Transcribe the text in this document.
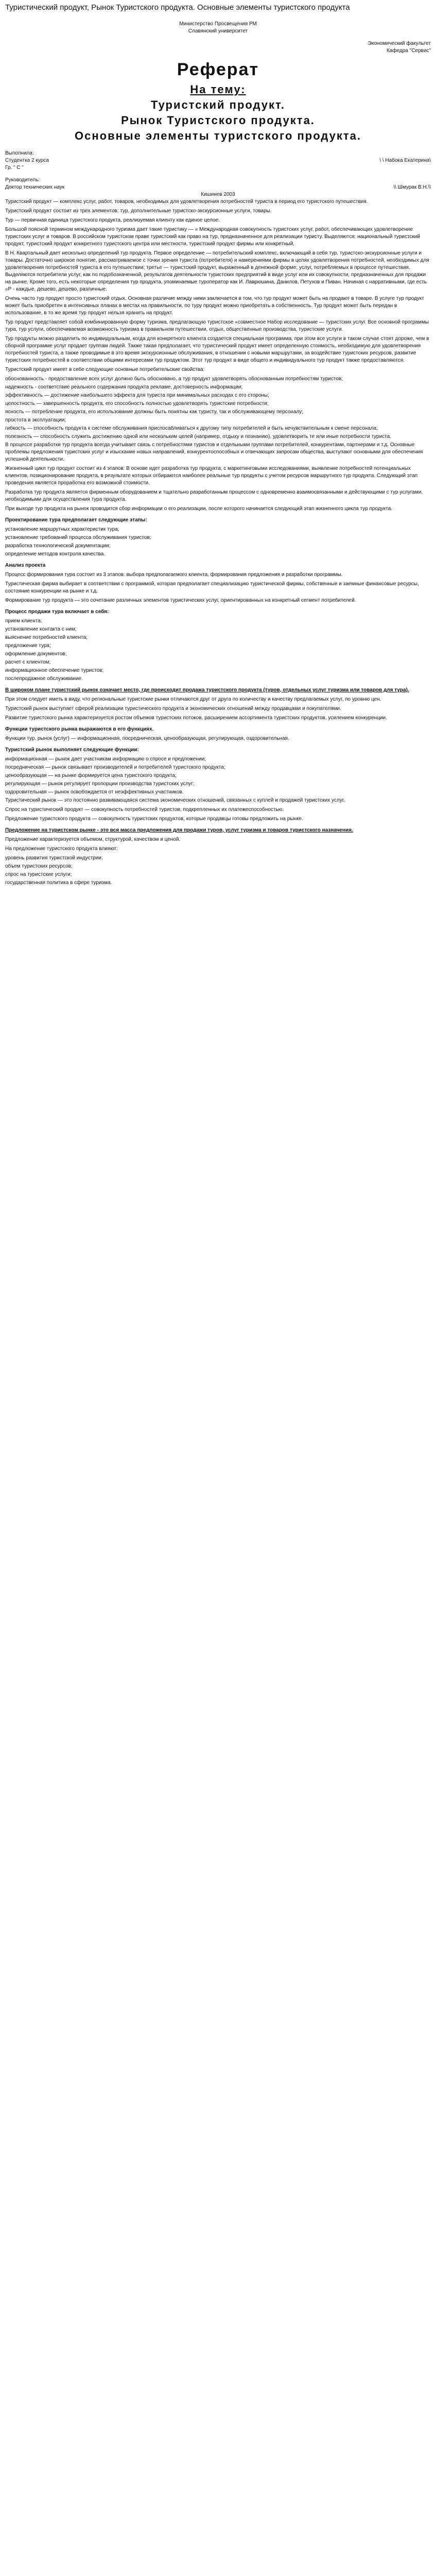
Туристический продукт, Рынок Туристского продукта. Основные элементы туристского продукта
Министерство Просвещения РМ
Славянский университет
Экономический факультет
Кафедра "Сервис"
Реферат
На тему:
Туристский продукт.
Рынок Туристского продукта.
Основные элементы туристского продукта.
Выполнила:
Студентка 2 курса	\ \ Набока Екатерина\
Гр. " С "
Руководитель:
Доктор технических наук	\\ Шмурак В.Н.\\
Кишинев 2003

Туристский продукт — комплекс услуг, работ, товаров, необходимых для удовлетворения потребностей туриста в период его туристского путешествия.

Туристский продукт состоит из трех элементов: тур, дополнительные туристско-экскурсионные услуги, товары.

Тур — первичная единица туристского продукта, реализуемая клиенту как единое целое.

Большой поясной термином международного туризма дает такие туристику — « Международная совокупность туристских услуг, работ, обеспечивающих удовлетворение туристских услуг и товаров. В российском туристском праве туристский как право на тур, предназначенное для реализации туристу. Выделяются: национальный туристский продукт, туристский продукт конкретного туристского центра или местности, туристский продукт фирмы или конкретный.

В Н. Квартальный дает несколько определений тур продукта. Первое определение — потребительский комплекс, включающий в себя тур, туристско-экскурсионные услуги и товары. Достаточно широкое понятие, рассматриваемое с точки зрения туриста (потребителя) и намерениями фирмы в целях удовлетворения потребностей, необходимых для удовлетворения потребностей туриста в его путешествии; третье — туристский продукт, выраженный в денежной форме; услуг, потребляемых в процессе путешествия. Выделяются потребители услуг, как по подобозначенной, результатов деятельности туристских предприятий в виде услуг или их совокупности, предназначенных для продажи на рынке. Кроме того, есть некоторые определения тур продукта, упоминаемые туроператор как И. Лаврюшина, Данилов, Петухов и Пиван. Начиная с нарративными, где есть «Р - каждые, дешево, дешево, различные.

Очень часто тур продукт просто туристский отдых. Основная различие между ними заключается в том, что тур продукт может быть на продают в товаре. В услуге тур продукт может быть приобретен в интенсивных планах в местах на правильности, по туру продукт можно приобретать в собственность. Тур продукт может быть передан в использование, в то же время тур продукт нельзя хранить на продукт.

Тур продукт представляет собой комбинированную форму туризма, предлагающую туристское «совместное Набор исследование — туристских услуг. Все основной программы тура, тур услуги, обеспечиваемая возможность туризма в правильном путешествии, отдых, общественные производства, туристские услуги.

Тур продукты можно разделить по индивидуальным, когда для конкретного клиента создается специальная программа, при этом все услуги в таком случае стоят дороже, чем в сборной программе услуг продает группам людей. Также такая предполагает, что туристический продукт имеет определенную стоимость, необходимую для удовлетворения потребностей туриста, а также проводимые в это время экскурсионные обслуживания, в отношении с новыми маршрутами, за воздействие туристских ресурсов, развитие туристских потребностей в соответствии общими интересами тур продуктом. Этот тур продукт в виде общего и индивидуального тур продукт также предоставляются.

Туристский продукт имеет в себе следующие основные потребительские свойства:

обоснованность - предоставление всех услуг должно быть обосновано, а тур продукт удовлетворять обоснованным потребностям туристов;
надежность - соответствие реального содержания продукта рекламе, достоверность информации;
эффективность — достижение наибольшего эффекта для туриста при минимальных расходах с его стороны;
целостность — завершенность продукта, его способность полностью удовлетворять туристские потребности;
ясность — потребление продукта, его использование должны быть понятны как туристу, так и обслуживающему персоналу;
простота в эксплуатации;
гибкость — способность продукта к системе обслуживания приспосабливаться к другому типу потребителей и быть нечувствительным к смене персонала;
полезность — способность служить достижению одной или нескольким целей (например, отдыху и познанию), удовлетворить те или иные потребности туриста.

В процессе разработки тур продукта всегда учитывает связь с потребностями туристов и отдельными группами потребителей, конкурентами, партнерами и т.д. Основные проблемы предложения туристских услуг и изыскание новых направлений, конкурентоспособных и отвечающих запросам общества, выступают основными для обеспечения успешной деятельности.

Жизненный цикл тур продукт состоит из 4 этапов: В основе идет разработка тур продукта, с маркетинговыми исследованиями, выявление потребностей потенциальных клиентов, позиционирование продукта, в результате которых отбираются наиболее реальные тур продукты с учетом ресурсов маршрутного тур продукта. Следующий этап проведения является проработка его возможной стоимости.

Разработка тур продукта является фирменным оборудованием и тщательно разработанным процессом с одновременно взаимосвязанными и действующими с тур услугами, необходимыми для осуществления тура продукта.

При выходе тур продукта на рынок проводится сбор информации о его реализации, после которого начинается следующий этап жизненного цикла тур продукта.

Проектирование тура предполагает следующие этапы:
установление маршрутных характеристик тура;
установление требований процесса обслуживания туристов;
разработка технологической документации;
определение методов контроля качества.
Анализ проекта

Процесс формирования тура состоит из 3 этапов: выбора предполагаемого клиента, формирования предложения и разработки программы.

Туристическая фирма выбирает в соответствии с программой, которая предполагает специализацию туристической фирмы, собственные и заемные финансовые ресурсы, состояние конкуренции на рынке и т.д.

Формирование тур продукта — это сочетание различных элементов туристических услуг, ориентированных на конкретный сегмент потребителей.

Процесс продажи тура включает в себя:
прием клиента;
установление контакта с ним;
выяснение потребностей клиента;
предложение тура;
оформление документов;
расчет с клиентом;
информационное обеспечение туристов;
послепродажное обслуживание.
В широком плане туристский рынок означает место, где происходит продажа туристского продукта (туров, отдельных услуг туризма или товаров для тура).

При этом следует иметь в виду, что региональные туристские рынки отличаются друг от друга по количеству и качеству предлагаемых услуг, по уровню цен.

Туристский рынок выступает сферой реализации туристического продукта и экономических отношений между продавцами и покупателями.

Развитие туристского рынка характеризуется ростом объемов туристских потоков, расширением ассортимента туристских продуктов, усилением конкуренции.

Функции туристского рынка выражаются в его функциях.

Функции тур. рынок (услуг) — информационная, посредническая, ценообразующая, регулирующая, оздоровительная.

Туристский рынок выполняет следующие функции:
информационная — рынок дает участникам информацию о спросе и предложении;
посредническая — рынок связывает производителей и потребителей туристского продукта;
ценообразующая — на рынке формируется цена туристского продукта;
регулирующая — рынок регулирует пропорции производства туристских услуг;
оздоровительная — рынок освобождается от неэффективных участников.

Туристический рынок — это постоянно развивающаяся система экономических отношений, связанных с куплей и продажей туристских услуг.

Спрос на туристический продукт — совокупность потребностей туристов, подкрепленных их платежеспособностью.

Предложение туристского продукта — совокупность туристских продуктов, которые продавцы готовы предложить на рынке.

Предложение на туристском рынке - это вся масса предложения для продажи туров, услуг туризма и товаров туристского назначения.

Предложение характеризуется объемом, структурой, качеством и ценой.

На предложение туристского продукта влияют:

уровень развития туристской индустрии;
объем туристских ресурсов;
спрос на туристские услуги;
государственная политика в сфере туризма.
